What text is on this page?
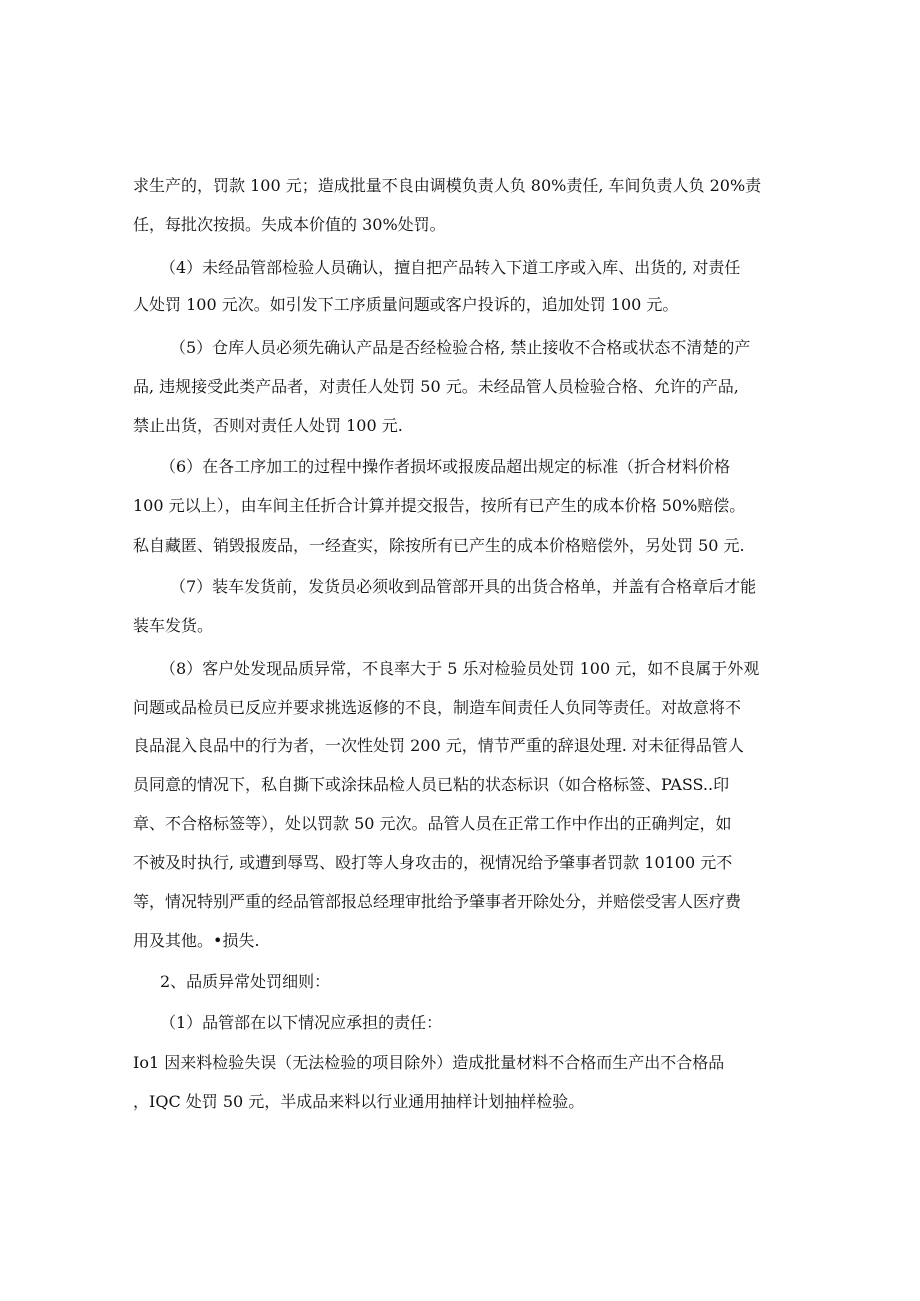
求生产的，罚款 100 元；造成批量不良由调模负责人负 80%责任, 车间负责人负 20%责
任，每批次按损。失成本价值的 30%处罚。
（4）未经品管部检验人员确认，擅自把产品转入下道工序或入库、出货的, 对责任
人处罚 100 元次。如引发下工序质量问题或客户投诉的，追加处罚 100 元。
（5）仓库人员必须先确认产品是否经检验合格, 禁止接收不合格或状态不清楚的产
品, 违规接受此类产品者，对责任人处罚 50 元。未经品管人员检验合格、允许的产品,
禁止出货，否则对责任人处罚 100 元.
（6）在各工序加工的过程中操作者损坏或报废品超出规定的标准（折合材料价格
100 元以上），由车间主任折合计算并提交报告，按所有已产生的成本价格 50%赔偿。
私自藏匿、销毁报废品，一经查实，除按所有已产生的成本价格赔偿外，另处罚 50 元.
（7）装车发货前，发货员必须收到品管部开具的出货合格单，并盖有合格章后才能
装车发货。
（8）客户处发现品质异常，不良率大于 5 乐对检验员处罚 100 元，如不良属于外观
问题或品检员已反应并要求挑选返修的不良，制造车间责任人负同等责任。对故意将不
良品混入良品中的行为者，一次性处罚 200 元，情节严重的辞退处理. 对未征得品管人
员同意的情况下，私自撕下或涂抹品检人员已粘的状态标识（如合格标签、PASS..印
章、不合格标签等），处以罚款 50 元次。品管人员在正常工作中作出的正确判定，如
不被及时执行, 或遭到辱骂、殴打等人身攻击的，视情况给予肇事者罚款 10100 元不
等，情况特别严重的经品管部报总经理审批给予肇事者开除处分，并赔偿受害人医疗费
用及其他。•损失.
2、品质异常处罚细则：
（1）品管部在以下情况应承担的责任：
Io1 因来料检验失误（无法检验的项目除外）造成批量材料不合格而生产出不合格品
，IQC 处罚 50 元，半成品来料以行业通用抽样计划抽样检验。
